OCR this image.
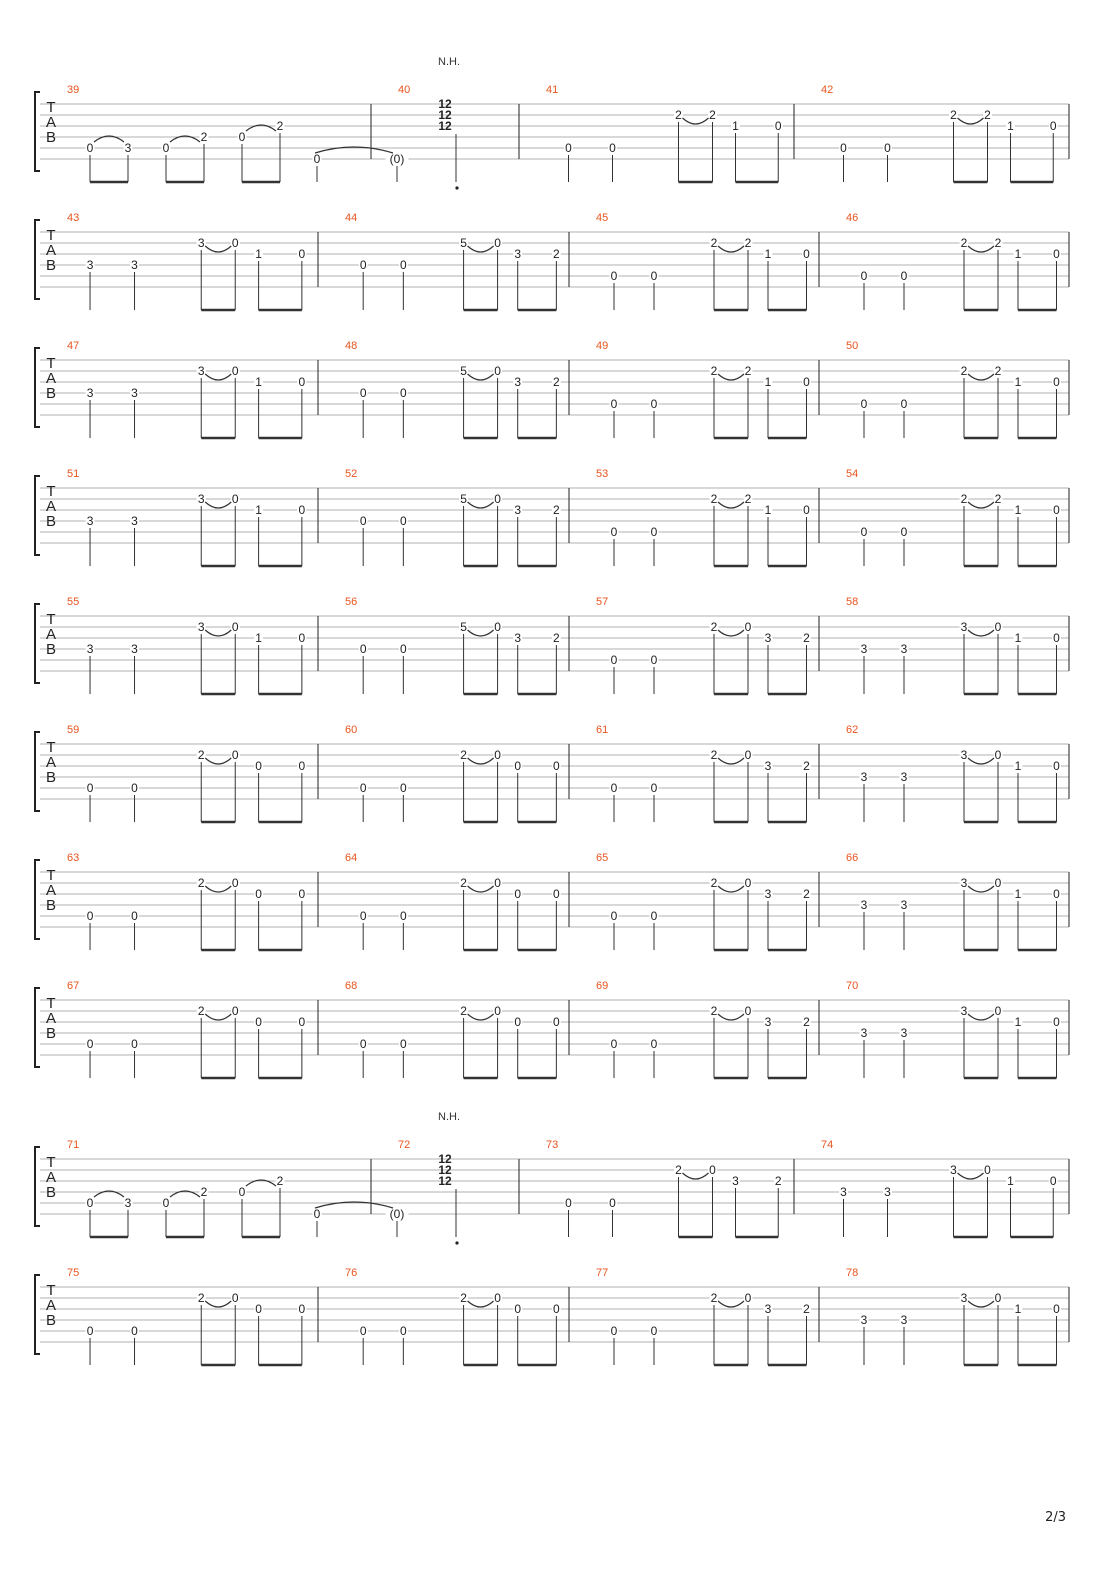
T
A
B
39
0	3	0
2	0
2
0
40
(0)
N.H.
12
12
12
41
0	0
2 2
1	0
42
0	0
2 2
1	0
T
A
B
43
3	3
3 0
1	0
44
0	0
5 0
3	2
45
0	0
2 2
1	0
46
0	0
2 2
1	0
T
A
B
47
3	3
3 0
1	0
48
0	0
5 0
3	2
49
0	0
2 2
1	0
50
0	0
2 2
1	0
T
A
B
51
3	3
3 0
1	0
52
0	0
5 0
3	2
53
0	0
2 2
1	0
54
0	0
2 2
1	0
T
A
B
55
3	3
3 0
1	0
56
0	0
5 0
3	2
57
0	0
2 0
3	2
58
3	3
3 0
1	0
T
A
B
59
0	0
2 0
0	0
60
0	0
2 0
0	0
61
0	0
2 0
3	2
62
3	3
3 0
1	0
T
A
B
63
0	0
2 0
0	0
64
0	0
2 0
0	0
65
0	0
2 0
3	2
66
3	3
3 0
1	0
T
A
B
67
0	0
2 0
0	0
68
0	0
2 0
0	0
69
0	0
2 0
3	2
70
3	3
3 0
1	0
T
A
B
71
0	3	0
2	0
2
0
72
(0)
N.H.
12
12
12
73
0	0
2 0
3	2
74
3	3
3 0
1	0
T
A
B
75
0	0
2 0
0	0
76
0	0
2 0
0	0
77
0	0
2 0
3	2
78
3	3
3 0
1	0
2/3
